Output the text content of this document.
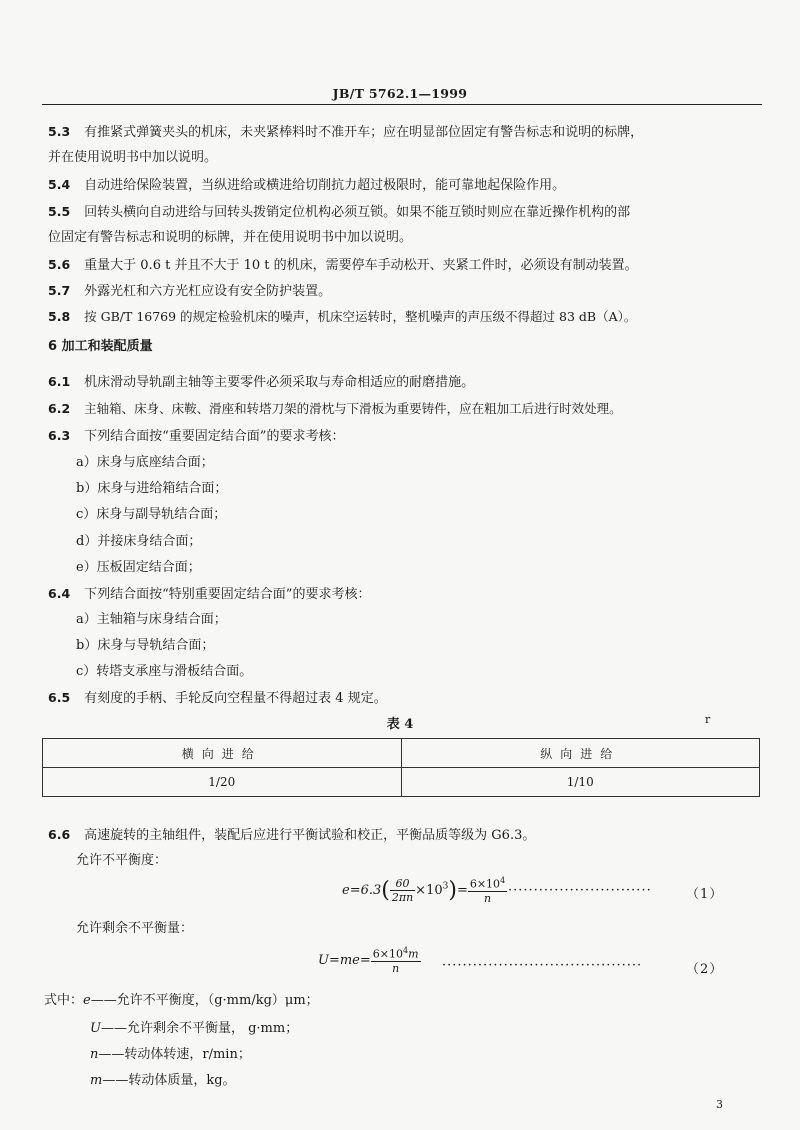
JB/T 5762.1—1999
5.3 有推紧式弹簧夹头的机床，未夹紧棒料时不准开车；应在明显部位固定有警告标志和说明的标牌，
并在使用说明书中加以说明。
5.4 自动进给保险装置，当纵进给或横进给切削抗力超过极限时，能可靠地起保险作用。
5.5 回转头横向自动进给与回转头拨销定位机构必须互锁。如果不能互锁时则应在靠近操作机构的部
位固定有警告标志和说明的标牌，并在使用说明书中加以说明。
5.6 重量大于 0.6 t 并且不大于 10 t 的机床，需要停车手动松开、夹紧工件时，必须设有制动装置。
5.7 外露光杠和六方光杠应设有安全防护装置。
5.8 按 GB/T 16769 的规定检验机床的噪声，机床空运转时，整机噪声的声压级不得超过 83 dB（A）。
6 加工和装配质量
6.1 机床滑动导轨副主轴等主要零件必须采取与寿命相适应的耐磨措施。
6.2 主轴箱、床身、床鞍、滑座和转塔刀架的滑枕与下滑板为重要铸件，应在粗加工后进行时效处理。
6.3 下列结合面按“重要固定结合面”的要求考核：
a）床身与底座结合面；
b）床身与进给箱结合面；
c）床身与副导轨结合面；
d）并接床身结合面；
e）压板固定结合面；
6.4 下列结合面按“特别重要固定结合面”的要求考核：
a）主轴箱与床身结合面；
b）床身与导轨结合面；
c）转塔支承座与滑板结合面。
6.5 有刻度的手柄、手轮反向空程量不得超过表 4 规定。
表 4	r
横向进给	纵向进给
1/20	1/10
6.6 高速旋转的主轴组件，装配后应进行平衡试验和校正，平衡品质等级为 G6.3。
允许不平衡度：
$e=6.3( \frac{60}{2\pi n} \times 10^3)= \frac{6\times 10^4}{n}$ ····························	（1）
允许剩余不平衡量：
$U=me= \frac{6\times 10^4m}{n}$ ·······································	（2）
式中：e——允许不平衡度，（g·mm/kg）μm；
U——允许剩余不平衡量， g·mm；
n——转动体转速，r/min；
m——转动体质量，kg。
3
